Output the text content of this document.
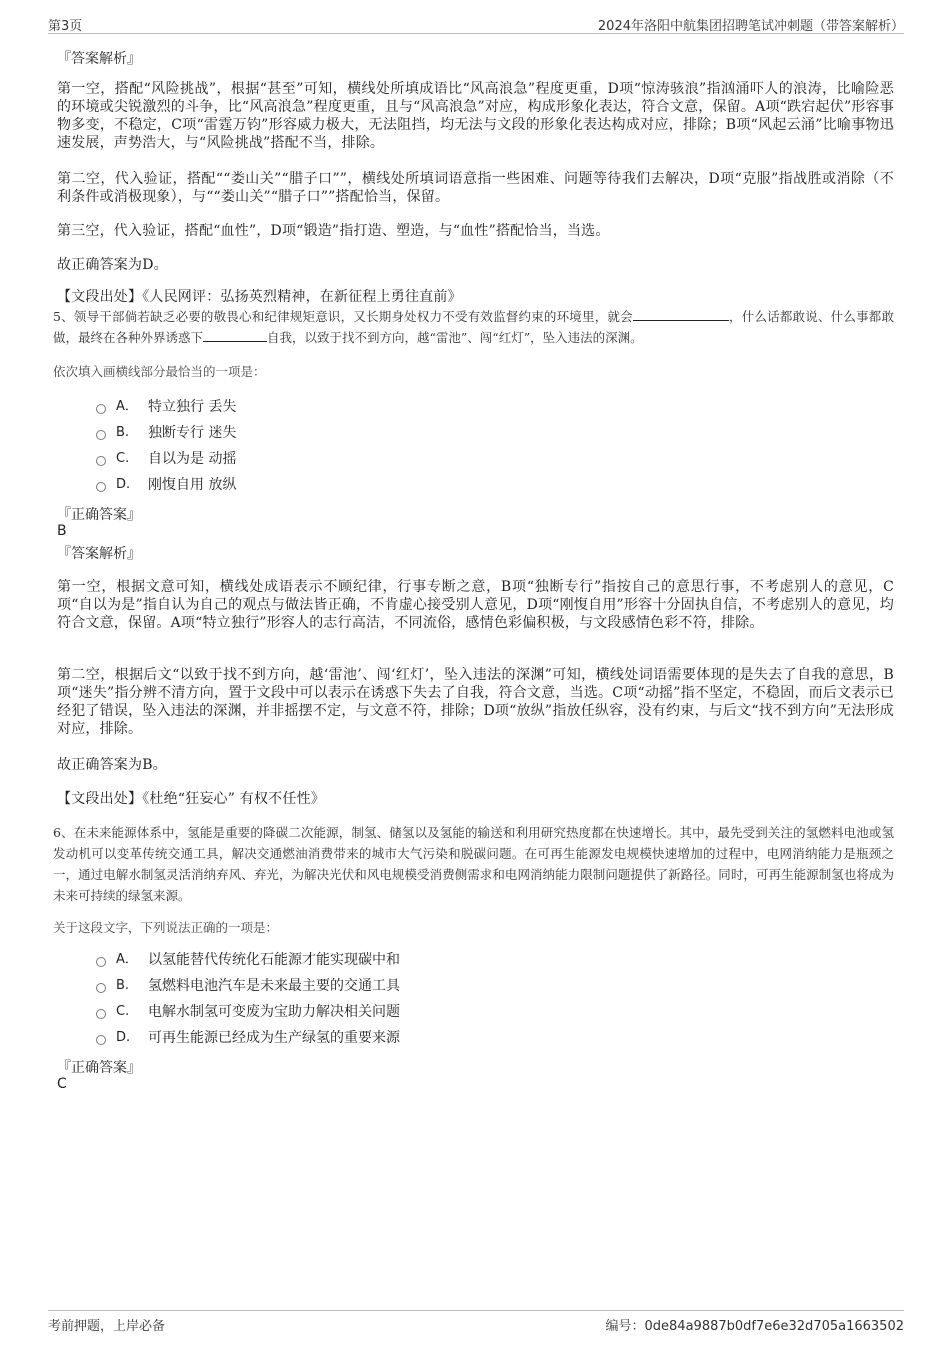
第3页	2024年洛阳中航集团招聘笔试冲刺题（带答案解析）
『答案解析』

第一空，搭配“风险挑战”，根据“甚至”可知，横线处所填成语比“风高浪急”程度更重，D项“惊涛骇浪”指汹涌吓人的浪涛，比喻险恶的环境或尖锐激烈的斗争，比“风高浪急”程度更重，且与“风高浪急”对应，构成形象化表达，符合文意，保留。A项“跌宕起伏”形容事物多变，不稳定，C项“雷霆万钧”形容威力极大，无法阻挡，均无法与文段的形象化表达构成对应，排除；B项“风起云涌”比喻事物迅速发展，声势浩大，与“风险挑战”搭配不当，排除。

第二空，代入验证，搭配““娄山关”“腊子口””，横线处所填词语意指一些困难、问题等待我们去解决，D项“克服”指战胜或消除（不利条件或消极现象），与““娄山关”“腊子口””搭配恰当，保留。

第三空，代入验证，搭配“血性”，D项“锻造”指打造、塑造，与“血性”搭配恰当，当选。

故正确答案为D。

【文段出处】《人民网评：弘扬英烈精神，在新征程上勇往直前》

5、领导干部倘若缺乏必要的敬畏心和纪律规矩意识，又长期身处权力不受有效监督约束的环境里，就会	，什么话都敢说、什么事都敢做，最终在各种外界诱惑下	自我，以致于找不到方向，越“雷池”、闯“红灯”，坠入违法的深渊。

依次填入画横线部分最恰当的一项是：
A． 特立独行 丢失
B.	独断专行 迷失
C.	自以为是 动摇
D.	刚愎自用 放纵
『正确答案』
B
『答案解析』

第一空，根据文意可知，横线处成语表示不顾纪律，行事专断之意，B项“独断专行”指按自己的意思行事，不考虑别人的意见，C项“自以为是”指自认为自己的观点与做法皆正确，不肯虚心接受别人意见，D项“刚愎自用”形容十分固执自信，不考虑别人的意见，均符合文意，保留。A项“特立独行”形容人的志行高洁，不同流俗，感情色彩偏积极，与文段感情色彩不符，排除。

第二空，根据后文“以致于找不到方向，越‘雷池’、闯‘红灯’，坠入违法的深渊”可知，横线处词语需要体现的是失去了自我的意思，B项“迷失”指分辨不清方向，置于文段中可以表示在诱惑下失去了自我，符合文意，当选。C项“动摇”指不坚定，不稳固，而后文表示已经犯了错误，坠入违法的深渊，并非摇摆不定，与文意不符，排除；D项“放纵”指放任纵容，没有约束，与后文“找不到方向”无法形成对应，排除。

故正确答案为B。

【文段出处】《杜绝“狂妄心” 有权不任性》

6、在未来能源体系中，氢能是重要的降碳二次能源，制氢、储氢以及氢能的输送和利用研究热度都在快速增长。其中，最先受到关注的氢燃料电池或氢发动机可以变革传统交通工具，解决交通燃油消费带来的城市大气污染和脱碳问题。在可再生能源发电规模快速增加的过程中，电网消纳能力是瓶颈之一，通过电解水制氢灵活消纳弃风、弃光，为解决光伏和风电规模受消费侧需求和电网消纳能力限制问题提供了新路径。同时，可再生能源制氢也将成为未来可持续的绿氢来源。

关于这段文字，下列说法正确的一项是：
A． 以氢能替代传统化石能源才能实现碳中和
B.	氢燃料电池汽车是未来最主要的交通工具
C.	电解水制氢可变废为宝助力解决相关问题
D.	可再生能源已经成为生产绿氢的重要来源
『正确答案』
C
考前押题，上岸必备	编号：0de84a9887b0df7e6e32d705a1663502
